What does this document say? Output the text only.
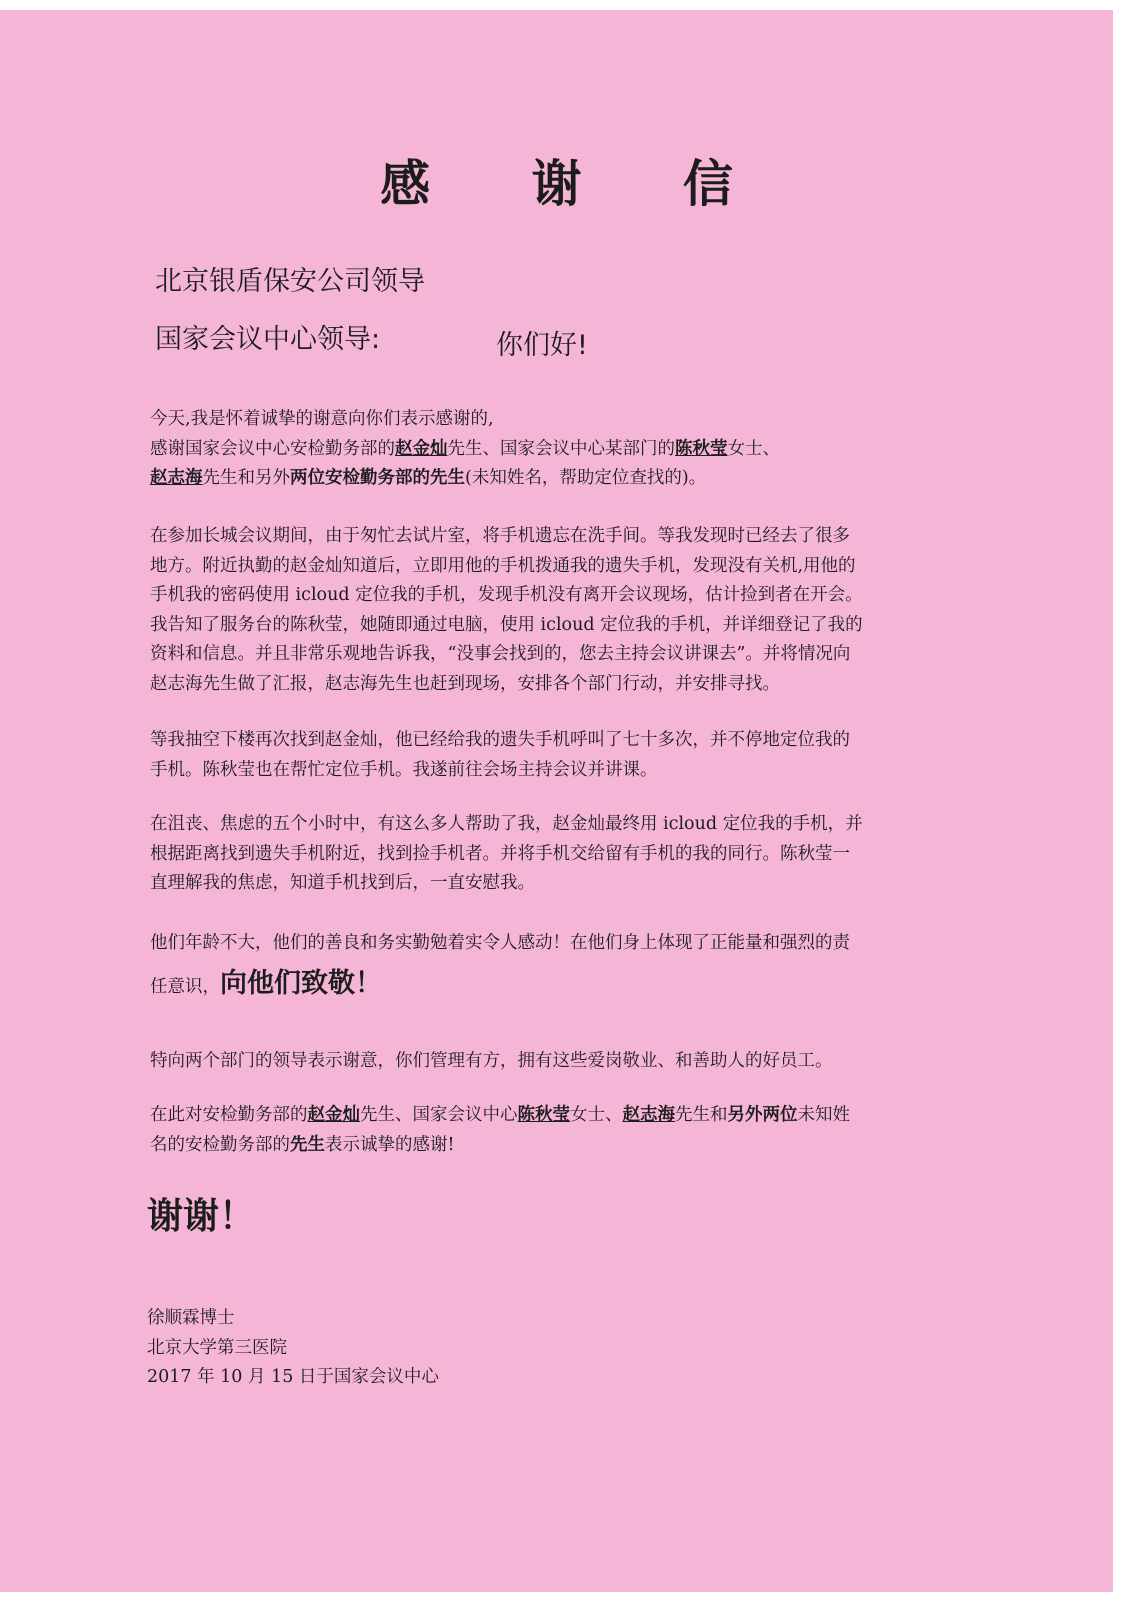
感 谢 信
北京银盾保安公司领导
国家会议中心领导:	你们好!

今天,我是怀着诚挚的谢意向你们表示感谢的,

感谢国家会议中心安检勤务部的赵金灿先生、国家会议中心某部门的陈秋莹女士、

赵志海先生和另外两位安检勤务部的先生(未知姓名，帮助定位查找的)。

在参加长城会议期间，由于匆忙去试片室，将手机遗忘在洗手间。等我发现时已经去了很多

地方。附近执勤的赵金灿知道后，立即用他的手机拨通我的遗失手机，发现没有关机,用他的

手机我的密码使用 icloud 定位我的手机，发现手机没有离开会议现场，估计捡到者在开会。

我告知了服务台的陈秋莹，她随即通过电脑，使用 icloud 定位我的手机，并详细登记了我的

资料和信息。并且非常乐观地告诉我，“没事会找到的，您去主持会议讲课去”。并将情况向

赵志海先生做了汇报，赵志海先生也赶到现场，安排各个部门行动，并安排寻找。

等我抽空下楼再次找到赵金灿，他已经给我的遗失手机呼叫了七十多次，并不停地定位我的

手机。陈秋莹也在帮忙定位手机。我遂前往会场主持会议并讲课。

在沮丧、焦虑的五个小时中，有这么多人帮助了我，赵金灿最终用 icloud 定位我的手机，并

根据距离找到遗失手机附近，找到捡手机者。并将手机交给留有手机的我的同行。陈秋莹一

直理解我的焦虑，知道手机找到后，一直安慰我。

他们年龄不大，他们的善良和务实勤勉着实令人感动！在他们身上体现了正能量和强烈的责

任意识，向他们致敬！

特向两个部门的领导表示谢意，你们管理有方，拥有这些爱岗敬业、和善助人的好员工。

在此对安检勤务部的赵金灿先生、国家会议中心陈秋莹女士、赵志海先生和另外两位未知姓

名的安检勤务部的先生表示诚挚的感谢!

谢谢！
徐顺霖博士
北京大学第三医院
2017 年 10 月 15 日于国家会议中心
